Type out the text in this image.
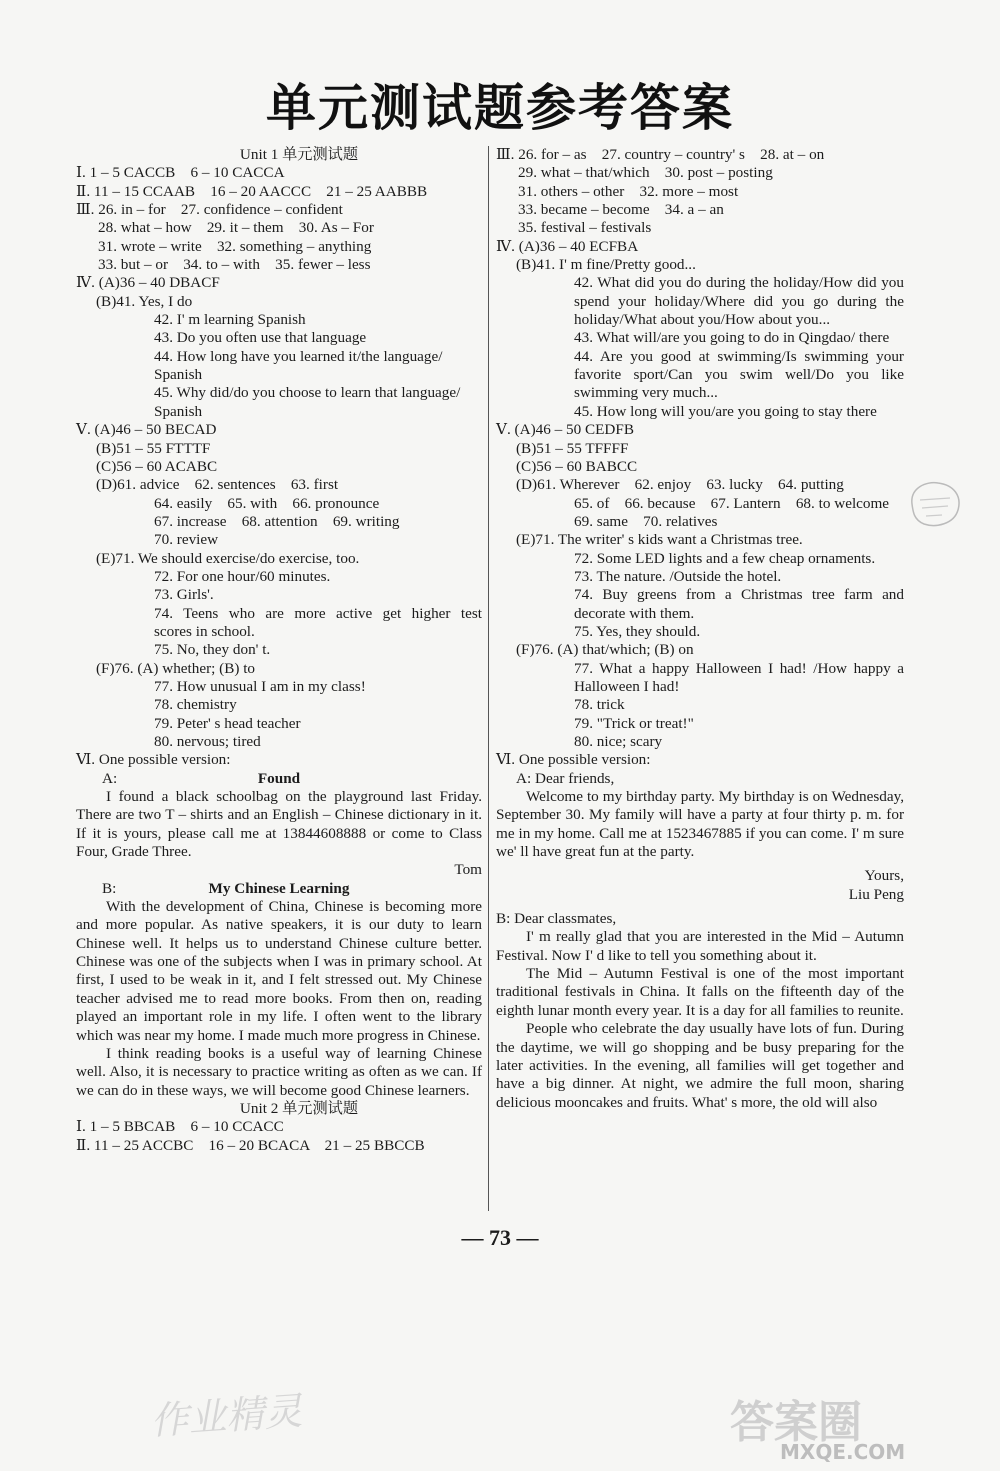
单元测试题参考答案
Unit 1 单元测试题
Ⅰ. 1 – 5 CACCB　6 – 10 CACCA
Ⅱ. 11 – 15 CCAAB　16 – 20 AACCC　21 – 25 AABBB
Ⅲ. 26. in – for　27. confidence – confident
28. what – how　29. it – them　30. As – For
31. wrote – write　32. something – anything
33. but – or　34. to – with　35. fewer – less
Ⅳ. (A)36 – 40 DBACF
(B)41. Yes, I do
42. I' m learning Spanish
43. Do you often use that language
44. How long have you learned it/the language/
Spanish
45. Why did/do you choose to learn that language/
Spanish
Ⅴ. (A)46 – 50 BECAD
(B)51 – 55 FTTTF
(C)56 – 60 ACABC
(D)61. advice　62. sentences　63. first
64. easily　65. with　66. pronounce
67. increase　68. attention　69. writing
70. review
(E)71. We should exercise/do exercise, too.
72. For one hour/60 minutes.
73. Girls'.
74. Teens who are more active get higher test
scores in school.
75. No, they don' t.
(F)76. (A) whether; (B) to
77. How unusual I am in my class!
78. chemistry
79. Peter' s head teacher
80. nervous; tired
Ⅵ. One possible version:
A:	Found
I found a black schoolbag on the playground last Friday. There are two T – shirts and an English – Chinese dictionary in it. If it is yours, please call me at 13844608888 or come to Class Four, Grade Three.
Tom
B:	My Chinese Learning
With the development of China, Chinese is becoming more and more popular. As native speakers, it is our duty to learn Chinese well. It helps us to understand Chinese culture better. Chinese was one of the subjects when I was in primary school. At first, I used to be weak in it, and I felt stressed out. My Chinese teacher advised me to read more books. From then on, reading played an important role in my life. I often went to the library which was near my home. I made much more progress in Chinese.
I think reading books is a useful way of learning Chinese well. Also, it is necessary to practice writing as often as we can. If we can do in these ways, we will become good Chinese learners.
Unit 2 单元测试题
Ⅰ. 1 – 5 BBCAB　6 – 10 CCACC
Ⅱ. 11 – 25 ACCBC　16 – 20 BCACA　21 – 25 BBCCB
Ⅲ. 26. for – as　27. country – country' s　28. at – on
29. what – that/which　30. post – posting
31. others – other　32. more – most
33. became – become　34. a – an
35. festival – festivals
Ⅳ. (A)36 – 40 ECFBA
(B)41. I' m fine/Pretty good...
42. What did you do during the holiday/How did you spend your holiday/Where did you go during the holiday/What about you/How about you...
43. What will/are you going to do in Qingdao/ there
44. Are you good at swimming/Is swimming your favorite sport/Can you swim well/Do you like swimming very much...
45. How long will you/are you going to stay there
Ⅴ. (A)46 – 50 CEDFB
(B)51 – 55 TFFFF
(C)56 – 60 BABCC
(D)61. Wherever　62. enjoy　63. lucky　64. putting
65. of　66. because　67. Lantern　68. to welcome
69. same　70. relatives
(E)71. The writer' s kids want a Christmas tree.
72. Some LED lights and a few cheap ornaments.
73. The nature. /Outside the hotel.
74. Buy greens from a Christmas tree farm and decorate with them.
75. Yes, they should.
(F)76. (A) that/which; (B) on
77. What a happy Halloween I had! /How happy a Halloween I had!
78. trick
79. "Trick or treat!"
80. nice; scary
Ⅵ. One possible version:
A: Dear friends,
Welcome to my birthday party. My birthday is on Wednesday, September 30. My family will have a party at four thirty p. m. for me in my home. Call me at 1523467885 if you can come. I' m sure we' ll have great fun at the party.
Yours,
Liu Peng
B: Dear classmates,
I' m really glad that you are interested in the Mid – Autumn Festival. Now I' d like to tell you something about it.
The Mid – Autumn Festival is one of the most important traditional festivals in China. It falls on the fifteenth day of the eighth lunar month every year. It is a day for all families to reunite.
People who celebrate the day usually have lots of fun. During the daytime, we will go shopping and be busy preparing for the later activities. In the evening, all families will get together and have a big dinner. At night, we admire the full moon, sharing delicious mooncakes and fruits. What' s more, the old will also
— 73 —
作业精灵	答案圈
MXQE.COM
